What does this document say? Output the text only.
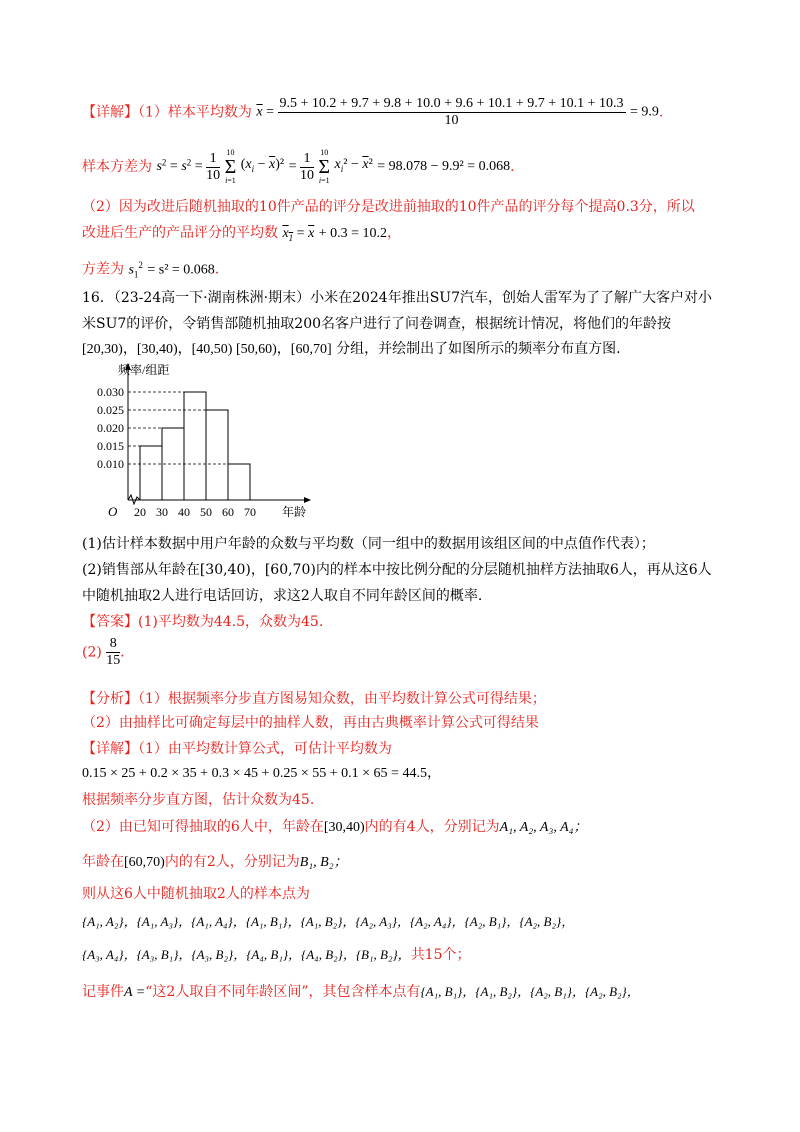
【详解】（1）样本平均数为 $\overline{x}$ =
9.5 + 10.2 + 9.7 + 9.8 + 10.0 + 9.6 + 10.1 + 9.7 + 10.1 + 10.3
10
= 9.9.
样本方差为 $s^2 = s^2 = \frac{1}{10}$
10
Σ
i=1
$(x_i - \overline{x})^2 = \frac{1}{10}$
10
Σ
i=1
$x_i^2 - \overline{x}^2 = 98.078 - 9.9^2 = 0.068$.
（2）因为改进后随机抽取的10件产品的评分是改进前抽取的10件产品的评分每个提高0.3分，所以
改进后生产的产品评分的平均数 $x_1 = \overline{x} + 0.3 = 10.2$，
方差为 $s_1^2 = s^2 = 0.068$.
16．（23-24高一下·湖南株洲·期末）小米在2024年推出SU7汽车，创始人雷军为了了解广大客户对小
米SU7的评价，令销售部随机抽取200名客户进行了问卷调查，根据统计情况，将他们的年龄按
[20,30)，[30,40)，[40,50) [50,60)，[60,70] 分组，并绘制出了如图所示的频率分布直方图.
0.030
0.025
0.020
0.015
0.010
20 30 40 50 60 70
O
频率/组距
年龄
(1)估计样本数据中用户年龄的众数与平均数（同一组中的数据用该组区间的中点值作代表）；
(2)销售部从年龄在[30,40)，[60,70)内的样本中按比例分配的分层随机抽样方法抽取6人，再从这6人
中随机抽取2人进行电话回访，求这2人取自不同年龄区间的概率.
【答案】(1)平均数为44.5，众数为45.
$(2) \frac{8}{15}$ ．
【分析】（1）根据频率分步直方图易知众数，由平均数计算公式可得结果；
（2）由抽样比可确定每层中的抽样人数，再由古典概率计算公式可得结果
【详解】（1）由平均数计算公式，可估计平均数为
0.15 × 25 + 0.2 × 35 + 0.3 × 45 + 0.25 × 55 + 0.1 × 65 = 44.5，
根据频率分步直方图，估计众数为45.
（2）由已知可得抽取的6人中，年龄在[30,40)内的有4人，分别记为A₁, A₂, A₃, A₄；
年龄在[60,70)内的有2人，分别记为B₁, B₂；
则从这6人中随机抽取2人的样本点为
{A₁, A₂}，{A₁, A₃}，{A₁, A₄}，{A₁, B₁}，{A₁, B₂}，{A₂, A₃}，{A₂, A₄}，{A₂, B₁}，{A₂, B₂}，
{A₃, A₄}，{A₃, B₁}，{A₃, B₂}，{A₄, B₁}，{A₄, B₂}，{B₁, B₂}，共15个；
记事件A =“这2人取自不同年龄区间”，其包含样本点有{A₁, B₁}，{A₁, B₂}，{A₂, B₁}，{A₂, B₂}，
